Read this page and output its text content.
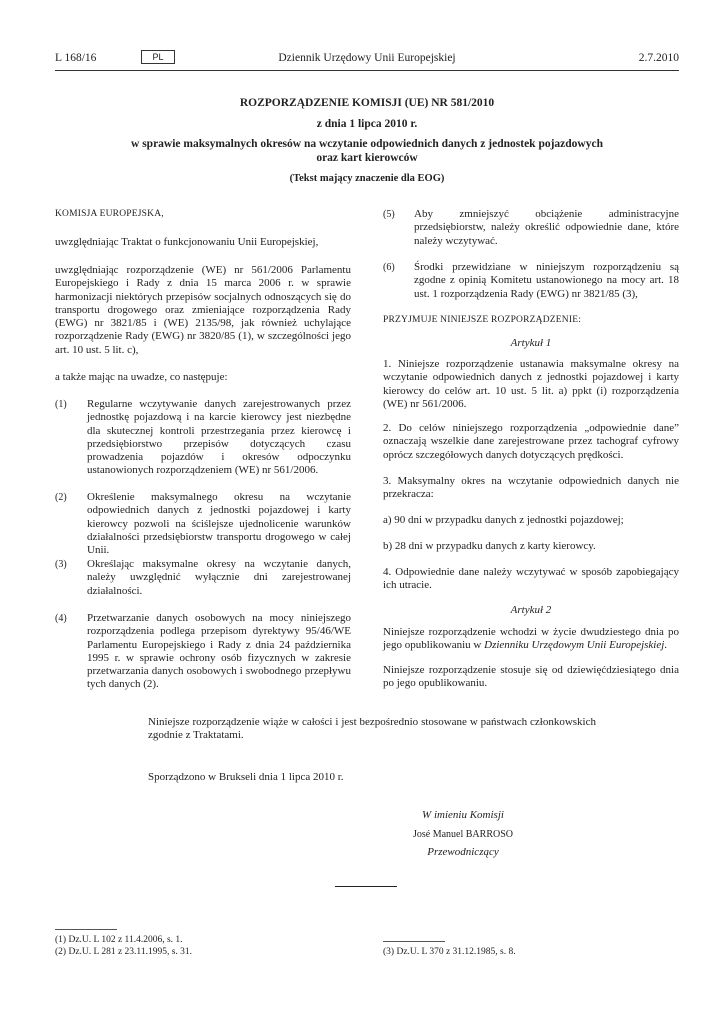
L 168/16	PL	Dziennik Urzędowy Unii Europejskiej	2.7.2010
ROZPORZĄDZENIE KOMISJI (UE) NR 581/2010
z dnia 1 lipca 2010 r.
w sprawie maksymalnych okresów na wczytanie odpowiednich danych z jednostek pojazdowych
oraz kart kierowców
(Tekst mający znaczenie dla EOG)
KOMISJA EUROPEJSKA,
uwzględniając Traktat o funkcjonowaniu Unii Europejskiej,
uwzględniając rozporządzenie (WE) nr 561/2006 Parlamentu Europejskiego i Rady z dnia 15 marca 2006 r. w sprawie harmonizacji niektórych przepisów socjalnych odnoszących się do transportu drogowego oraz zmieniające rozporządzenia Rady (EWG) nr 3821/85 i (WE) 2135/98, jak również uchylające rozporządzenie Rady (EWG) nr 3820/85 (1), w szczególności jego art. 10 ust. 5 lit. c),
a także mając na uwadze, co następuje:
(1) Regularne wczytywanie danych zarejestrowanych przez jednostkę pojazdową i na karcie kierowcy jest niezbędne dla skutecznej kontroli przestrzegania przez kierowcę i przedsiębiorstwo przepisów dotyczących czasu prowadzenia pojazdów i okresów odpoczynku ustanowionych rozporządzeniem (WE) nr 561/2006.
(2) Określenie maksymalnego okresu na wczytanie odpowiednich danych z jednostki pojazdowej i karty kierowcy pozwoli na ściślejsze ujednolicenie warunków działalności przedsiębiorstw transportu drogowego w całej Unii.
(3) Określając maksymalne okresy na wczytanie danych, należy uwzględnić wyłącznie dni zarejestrowanej działalności.
(4) Przetwarzanie danych osobowych na mocy niniejszego rozporządzenia podlega przepisom dyrektywy 95/46/WE Parlamentu Europejskiego i Rady z dnia 24 października 1995 r. w sprawie ochrony osób fizycznych w zakresie przetwarzania danych osobowych i swobodnego przepływu tych danych (2).
(5) Aby zmniejszyć obciążenie administracyjne przedsiębiorstw, należy określić odpowiednie dane, które należy wczytywać.
(6) Środki przewidziane w niniejszym rozporządzeniu są zgodne z opinią Komitetu ustanowionego na mocy art. 18 ust. 1 rozporządzenia Rady (EWG) nr 3821/85 (3),
PRZYJMUJE NINIEJSZE ROZPORZĄDZENIE:
Artykuł 1
1. Niniejsze rozporządzenie ustanawia maksymalne okresy na wczytanie odpowiednich danych z jednostki pojazdowej i karty kierowcy do celów art. 10 ust. 5 lit. a) ppkt (i) rozporządzenia (WE) nr 561/2006.
2. Do celów niniejszego rozporządzenia „odpowiednie dane” oznaczają wszelkie dane zarejestrowane przez tachograf cyfrowy oprócz szczegółowych danych dotyczących prędkości.
3. Maksymalny okres na wczytanie odpowiednich danych nie przekracza:
a) 90 dni w przypadku danych z jednostki pojazdowej;
b) 28 dni w przypadku danych z karty kierowcy.
4. Odpowiednie dane należy wczytywać w sposób zapobiegający ich utracie.
Artykuł 2
Niniejsze rozporządzenie wchodzi w życie dwudziestego dnia po jego opublikowaniu w Dzienniku Urzędowym Unii Europejskiej.
Niniejsze rozporządzenie stosuje się od dziewięćdziesiątego dnia po jego opublikowaniu.
Niniejsze rozporządzenie wiąże w całości i jest bezpośrednio stosowane w państwach członkowskich zgodnie z Traktatami.
Sporządzono w Brukseli dnia 1 lipca 2010 r.
W imieniu Komisji
José Manuel BARROSO
Przewodniczący
(1) Dz.U. L 102 z 11.4.2006, s. 1.
(2) Dz.U. L 281 z 23.11.1995, s. 31.	(3) Dz.U. L 370 z 31.12.1985, s. 8.
